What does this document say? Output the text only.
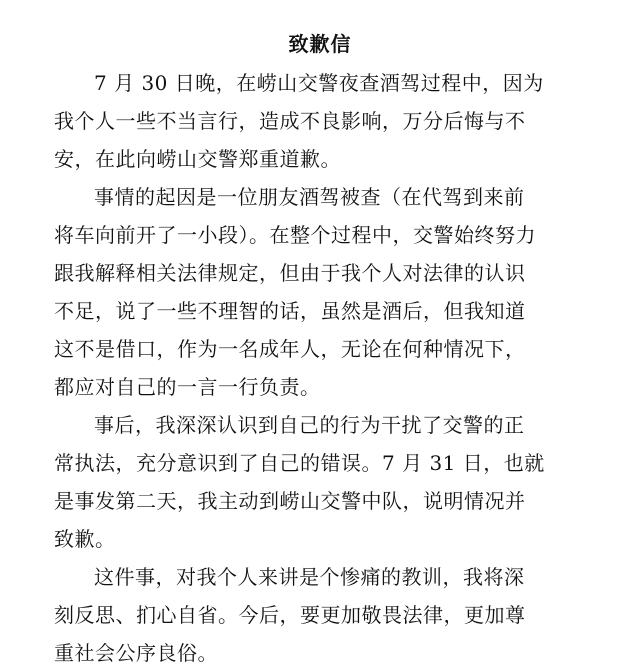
致歉信

7 月 30 日晚，在崂山交警夜查酒驾过程中，因为
我个人一些不当言行，造成不良影响，万分后悔与不
安，在此向崂山交警郑重道歉。

事情的起因是一位朋友酒驾被查（在代驾到来前
将车向前开了一小段）。在整个过程中，交警始终努力
跟我解释相关法律规定，但由于我个人对法律的认识
不足，说了一些不理智的话，虽然是酒后，但我知道
这不是借口，作为一名成年人，无论在何种情况下，
都应对自己的一言一行负责。

事后，我深深认识到自己的行为干扰了交警的正
常执法，充分意识到了自己的错误。7 月 31 日，也就
是事发第二天，我主动到崂山交警中队，说明情况并
致歉。

这件事，对我个人来讲是个惨痛的教训，我将深
刻反思、扪心自省。今后，要更加敬畏法律，更加尊
重社会公序良俗。
